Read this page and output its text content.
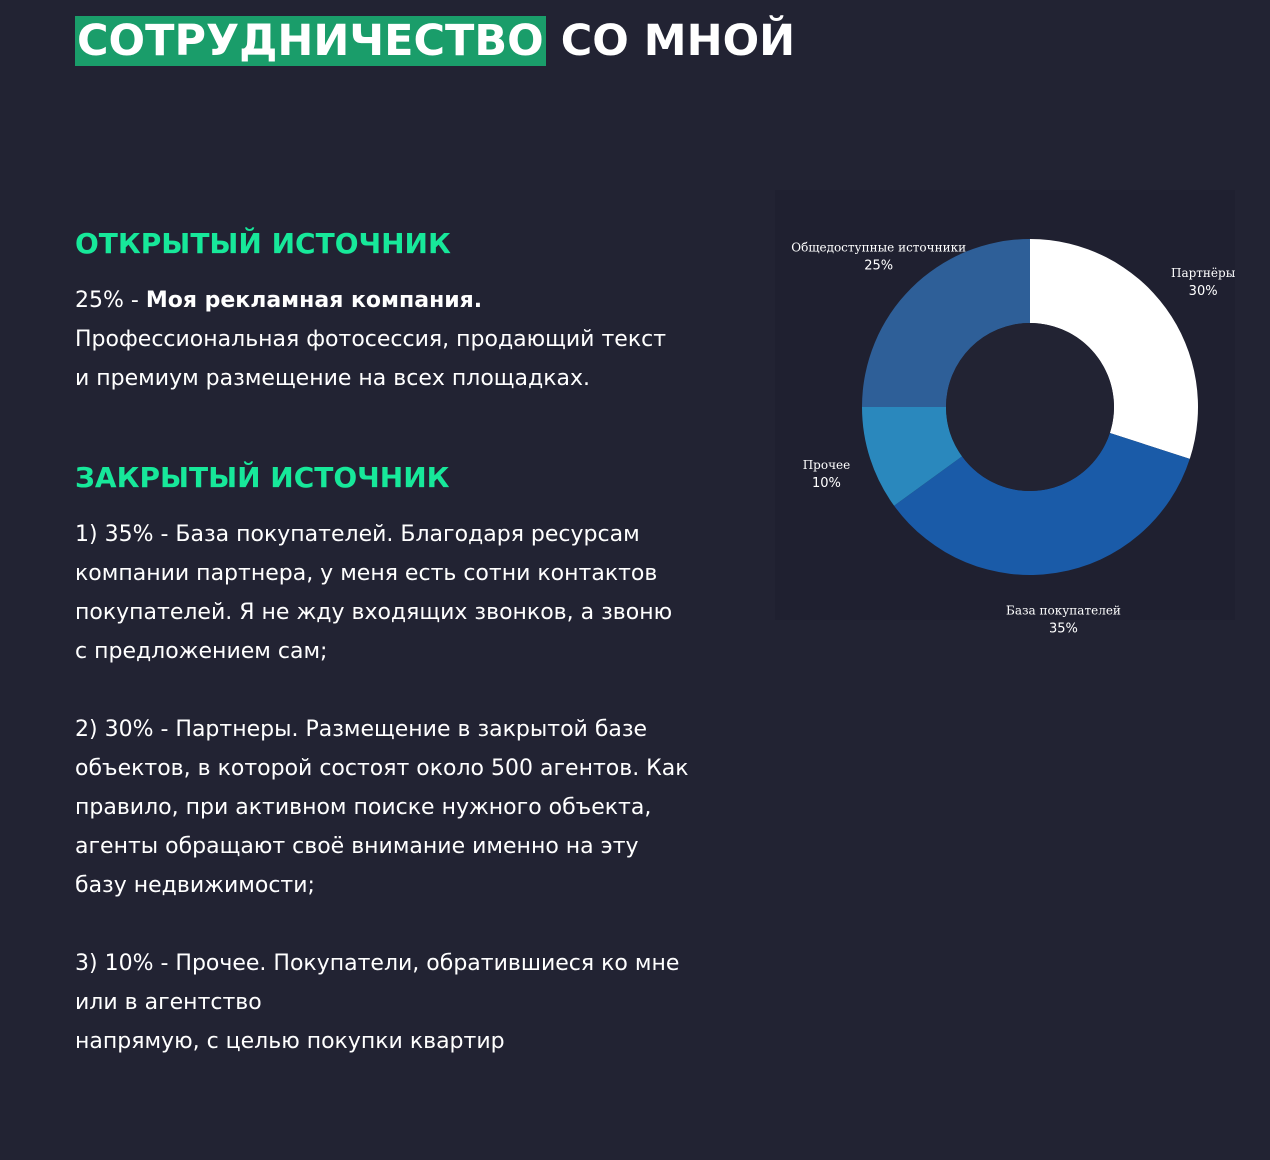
СОТРУДНИЧЕСТВО СО МНОЙ
ОТКРЫТЫЙ ИСТОЧНИК

25% - Моя рекламная компания.
Профессиональная фотосессия, продающий текст
и премиум размещение на всех площадках.

ЗАКРЫТЫЙ ИСТОЧНИК

1) 35% - База покупателей. Благодаря ресурсам
компании партнера, у меня есть сотни контактов
покупателей. Я не жду входящих звонков, а звоню
с предложением сам;
2) 30% - Партнеры. Размещение в закрытой базе
объектов, в которой состоят около 500 агентов. Как
правило, при активном поиске нужного объекта,
агенты обращают своё внимание именно на эту
базу недвижимости;
3) 10% - Прочее. Покупатели, обратившиеся ко мне
или в агентство
напрямую, с целью покупки квартир

Партнёры
30%
База покупателей
35%
Прочее
10%
Общедоступные источники
25%
